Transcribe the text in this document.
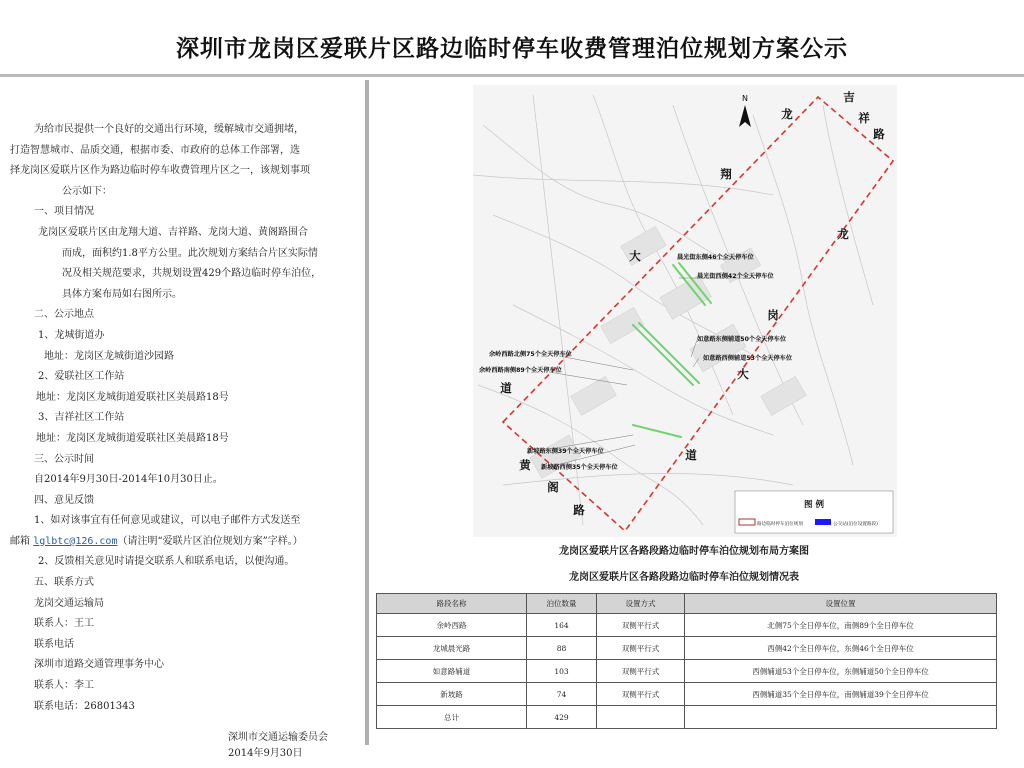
深圳市龙岗区爱联片区路边临时停车收费管理泊位规划方案公示
为给市民提供一个良好的交通出行环境，缓解城市交通拥堵，
打造智慧城市、品质交通，根据市委、市政府的总体工作部署，选
择龙岗区爱联片区作为路边临时停车收费管理片区之一，该规划事项
公示如下：
一、项目情况
龙岗区爱联片区由龙翔大道、吉祥路、龙岗大道、黄阁路围合
而成，面积约1.8平方公里。此次规划方案结合片区实际情
况及相关规范要求，共规划设置429个路边临时停车泊位，
具体方案布局如右图所示。
二、公示地点
1、龙城街道办
地址：龙岗区龙城街道沙园路
2、爱联社区工作站
地址：龙岗区龙城街道爱联社区美晨路18号
3、吉祥社区工作站
地址：龙岗区龙城街道爱联社区美晨路18号
三、公示时间
自2014年9月30日-2014年10月30日止。
四、意见反馈
1、如对该事宜有任何意见或建议，可以电子邮件方式发送至
邮箱 lglbtc@126.com（请注明“爱联片区泊位规划方案”字样。）
2、反馈相关意见时请提交联系人和联系电话，以便沟通。
五、联系方式
龙岗交通运输局
联系人：王工
联系电话
深圳市道路交通管理事务中心
联系人：李工
联系电话：26801343
深圳市交通运输委员会
2014年9月30日
N
龙
翔
大
道
吉
祥
路
龙
岗
大
道
黄
阁
路
晨光街东侧46个全天停车位
晨光街西侧42个全天停车位
如意路东侧辅道50个全天停车位
如意路西侧辅道53个全天停车位
余岭西路北侧75个全天停车位
余岭西路南侧89个全天停车位
新坡路东侧39个全天停车位
新坡路西侧35个全天停车位
图 例
路边临时停车泊位规划	公交站(泊位设置路段)
龙岗区爱联片区各路段路边临时停车泊位规划布局方案图
龙岗区爱联片区各路段路边临时停车泊位规划情况表
路段名称	泊位数量	设置方式	设置位置
余岭西路	164	双侧平行式	北侧75个全日停车位，南侧89个全日停车位
龙城晨光路	88	双侧平行式	西侧42个全日停车位，东侧46个全日停车位
如意路辅道	103	双侧平行式	西侧辅道53个全日停车位，东侧辅道50个全日停车位
新坡路	74	双侧平行式	西侧辅道35个全日停车位，南侧辅道39个全日停车位
总计	429		
